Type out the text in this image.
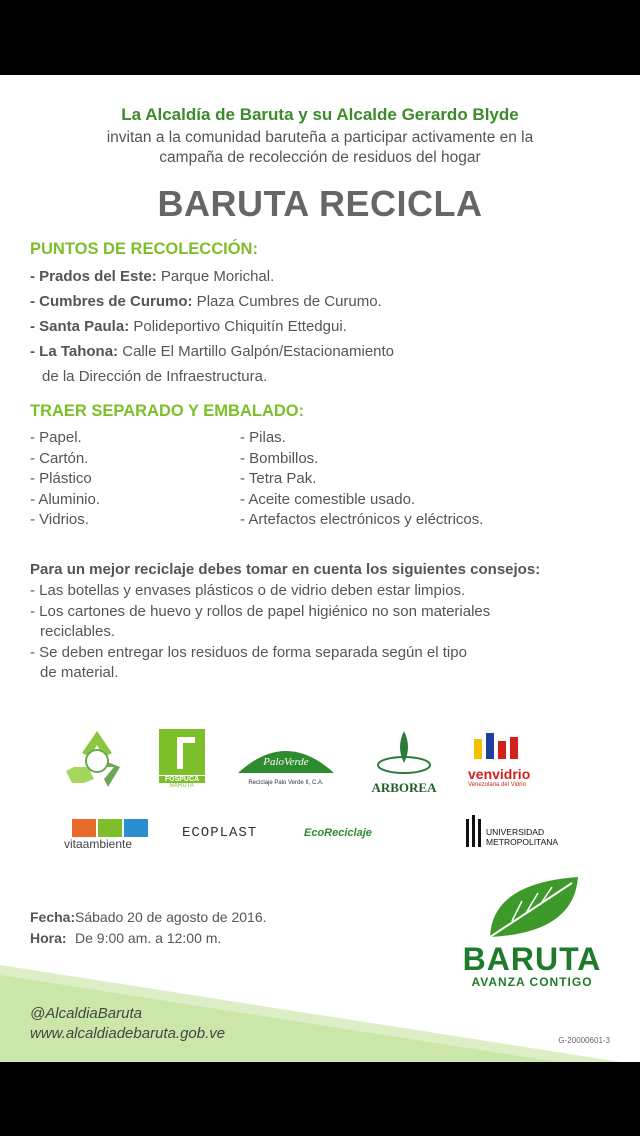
La Alcaldía de Baruta y su Alcalde Gerardo Blyde
invitan a la comunidad baruteña a participar activamente en la
campaña de recolección de residuos del hogar
BARUTA RECICLA
PUNTOS DE RECOLECCIÓN:
- Prados del Este: Parque Morichal.
- Cumbres de Curumo: Plaza Cumbres de Curumo.
- Santa Paula: Polideportivo Chiquitín Ettedgui.
- La Tahona: Calle El Martillo Galpón/Estacionamiento
de la Dirección de Infraestructura.
TRAER SEPARADO Y EMBALADO:
- Papel.
- Cartón.
- Plástico
- Aluminio.
- Vidrios.
- Pilas.
- Bombillos.
- Tetra Pak.
- Aceite comestible usado.
- Artefactos electrónicos y eléctricos.
Para un mejor reciclaje debes tomar en cuenta los siguientes consejos:
- Las botellas y envases plásticos o de vidrio deben estar limpios.
- Los cartones de huevo y rollos de papel higiénico no son materiales
reciclables.
- Se deben entregar los residuos de forma separada según el tipo
de material.
FOSPUCA
BARUTA
PaloVerde
Reciclaje Palo Verde II, C.A.	ARBOREA
venvidrio
Venezolana del Vidrio
vitaambiente
ECOPLAST	EcoReciclaje	UNIVERSIDAD
METROPOLITANA
Fecha:Sábado 20 de agosto de 2016.
Hora: De 9:00 am. a 12:00 m.
BARUTA
AVANZA CONTIGO
@AlcaldiaBaruta
www.alcaldiadebaruta.gob.ve	G-20000601-3
